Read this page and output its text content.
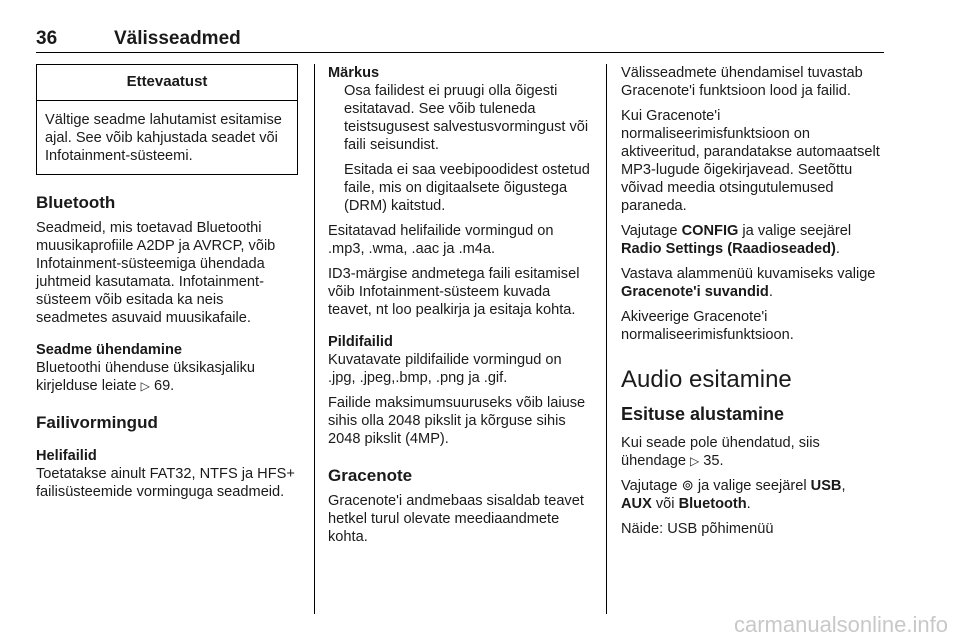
36	Välisseadmed
Ettevaatust
Vältige seadme lahutamist esitamise ajal. See võib kahjustada seadet või Infotainment-süsteemi.
Bluetooth

Seadmeid, mis toetavad Bluetoothi muusikaprofiile A2DP ja AVRCP, võib Infotainment-süsteemiga ühendada juhtmeid kasutamata. Infotainment-süsteem võib esitada ka neis seadmetes asuvaid muusikafaile.

Seadme ühendamine

Bluetoothi ühenduse üksikasjaliku kirjelduse leiate ▷ 69.

Failivormingud
Helifailid

Toetatakse ainult FAT32, NTFS ja HFS+ failisüsteemide vorminguga seadmeid.

Märkus

Osa failidest ei pruugi olla õigesti esitatavad. See võib tuleneda teistsugusest salvestusvormingust või faili seisundist.

Esitada ei saa veebipoodidest ostetud faile, mis on digitaalsete õigustega (DRM) kaitstud.

Esitatavad helifailide vormingud on .mp3, .wma, .aac ja .m4a.

ID3-märgise andmetega faili esitamisel võib Infotainment-süsteem kuvada teavet, nt loo pealkirja ja esitaja kohta.

Pildifailid

Kuvatavate pildifailide vormingud on .jpg, .jpeg,.bmp, .png ja .gif.

Failide maksimumsuuruseks võib laiuse sihis olla 2048 pikslit ja kõrguse sihis 2048 pikslit (4MP).

Gracenote

Gracenote'i andmebaas sisaldab teavet hetkel turul olevate meediaandmete kohta.

Välisseadmete ühendamisel tuvastab Gracenote'i funktsioon lood ja failid.

Kui Gracenote'i normaliseerimisfunktsioon on aktiveeritud, parandatakse automaatselt MP3-lugude õigekirjavead. Seetõttu võivad meedia otsingutulemused paraneda.

Vajutage CONFIG ja valige seejärel Radio Settings (Raadioseaded).

Vastava alammenüü kuvamiseks valige Gracenote'i suvandid.

Akiveerige Gracenote'i normaliseerimisfunktsioon.

Audio esitamine
Esituse alustamine

Kui seade pole ühendatud, siis ühendage ▷ 35.

Vajutage ⊚ ja valige seejärel USB,
AUX või Bluetooth.

Näide: USB põhimenüü

carmanualsonline.info
